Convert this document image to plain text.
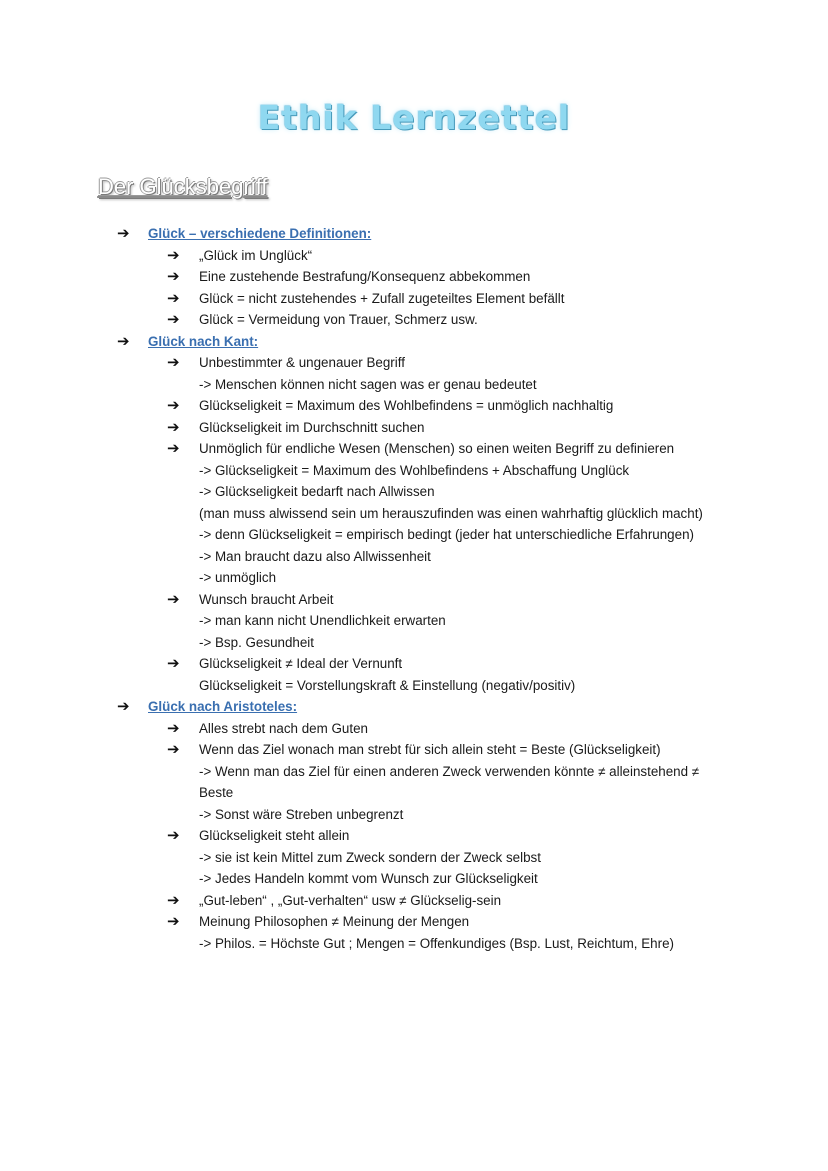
Ethik Lernzettel
Der Glücksbegriff
➔ Glück – verschiedene Definitionen:
➔ „Glück im Unglück“
➔ Eine zustehende Bestrafung/Konsequenz abbekommen
➔ Glück = nicht zustehendes + Zufall zugeteiltes Element befällt
➔ Glück = Vermeidung von Trauer, Schmerz usw.
➔ Glück nach Kant:
➔ Unbestimmter & ungenauer Begriff
-> Menschen können nicht sagen was er genau bedeutet
➔ Glückseligkeit = Maximum des Wohlbefindens = unmöglich nachhaltig
➔ Glückseligkeit im Durchschnitt suchen
➔ Unmöglich für endliche Wesen (Menschen) so einen weiten Begriff zu definieren
-> Glückseligkeit = Maximum des Wohlbefindens + Abschaffung Unglück
-> Glückseligkeit bedarft nach Allwissen
(man muss alwissend sein um herauszufinden was einen wahrhaftig glücklich macht)
-> denn Glückseligkeit = empirisch bedingt (jeder hat unterschiedliche Erfahrungen)
-> Man braucht dazu also Allwissenheit
-> unmöglich
➔ Wunsch braucht Arbeit
-> man kann nicht Unendlichkeit erwarten
-> Bsp. Gesundheit
➔ Glückseligkeit ≠ Ideal der Vernunft
Glückseligkeit = Vorstellungskraft & Einstellung (negativ/positiv)
➔ Glück nach Aristoteles:
➔ Alles strebt nach dem Guten
➔ Wenn das Ziel wonach man strebt für sich allein steht = Beste (Glückseligkeit)
-> Wenn man das Ziel für einen anderen Zweck verwenden könnte ≠ alleinstehend ≠
Beste
-> Sonst wäre Streben unbegrenzt
➔ Glückseligkeit steht allein
-> sie ist kein Mittel zum Zweck sondern der Zweck selbst
-> Jedes Handeln kommt vom Wunsch zur Glückseligkeit
➔ „Gut-leben“ , „Gut-verhalten“ usw ≠ Glückselig-sein
➔ Meinung Philosophen ≠ Meinung der Mengen
-> Philos. = Höchste Gut ; Mengen = Offenkundiges (Bsp. Lust, Reichtum, Ehre)
